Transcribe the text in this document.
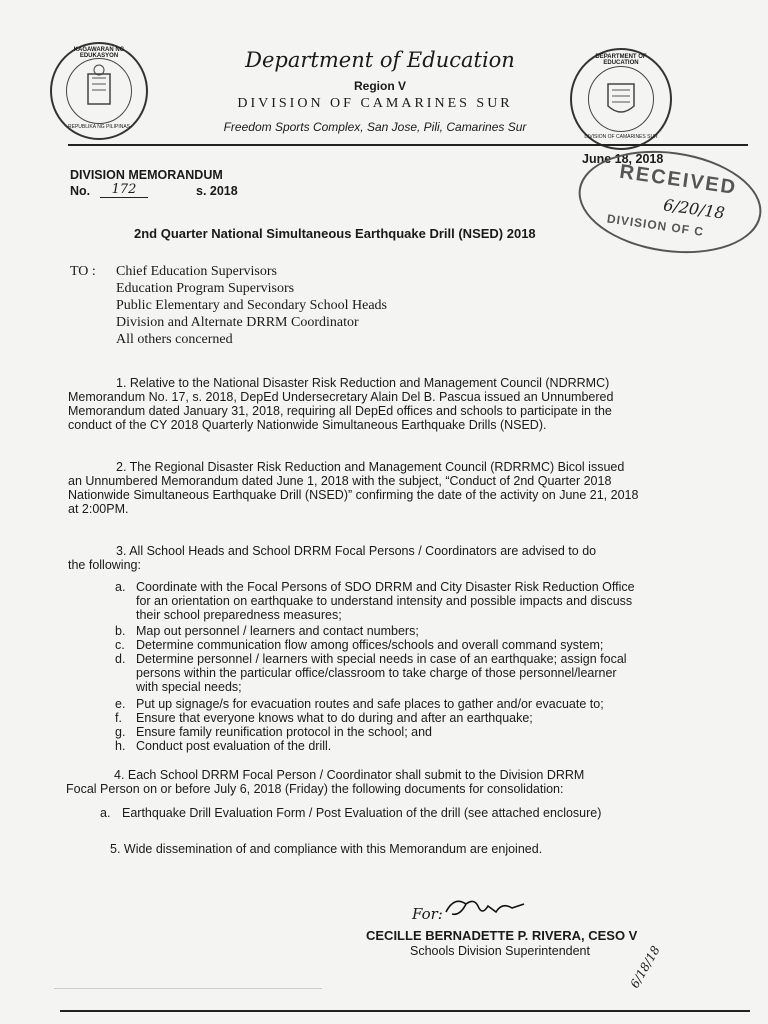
KAGAWARAN NG EDUKASYON
REPUBLIKA NG PILIPINAS
DEPARTMENT OF EDUCATION
DIVISION OF CAMARINES SUR
Department of Education
Region V
DIVISION OF CAMARINES SUR
Freedom Sports Complex, San Jose, Pili, Camarines Sur
June 18, 2018
DIVISION MEMORANDUM
No.	172	s. 2018	RECEIVED
6/20/18
DIVISION OF C
2nd Quarter National Simultaneous Earthquake Drill (NSED) 2018
TO : Chief Education Supervisors
Education Program Supervisors
Public Elementary and Secondary School Heads
Division and Alternate DRRM Coordinator
All others concerned
1. Relative to the National Disaster Risk Reduction and Management Council (NDRRMC)
Memorandum No. 17, s. 2018, DepEd Undersecretary Alain Del B. Pascua issued an Unnumbered
Memorandum dated January 31, 2018, requiring all DepEd offices and schools to participate in the
conduct of the CY 2018 Quarterly Nationwide Simultaneous Earthquake Drills (NSED).
2. The Regional Disaster Risk Reduction and Management Council (RDRRMC) Bicol issued
an Unnumbered Memorandum dated June 1, 2018 with the subject, “Conduct of 2nd Quarter 2018
Nationwide Simultaneous Earthquake Drill (NSED)” confirming the date of the activity on June 21, 2018
at 2:00PM.
3. All School Heads and School DRRM Focal Persons / Coordinators are advised to do
the following:
a. Coordinate with the Focal Persons of SDO DRRM and City Disaster Risk Reduction Office
for an orientation on earthquake to understand intensity and possible impacts and discuss
their school preparedness measures;
b. Map out personnel / learners and contact numbers;
c. Determine communication flow among offices/schools and overall command system;
d. Determine personnel / learners with special needs in case of an earthquake; assign focal
persons within the particular office/classroom to take charge of those personnel/learner
with special needs;
e. Put up signage/s for evacuation routes and safe places to gather and/or evacuate to;
f. Ensure that everyone knows what to do during and after an earthquake;
g. Ensure family reunification protocol in the school; and
h. Conduct post evaluation of the drill.
4. Each School DRRM Focal Person / Coordinator shall submit to the Division DRRM
Focal Person on or before July 6, 2018 (Friday) the following documents for consolidation:
a. Earthquake Drill Evaluation Form / Post Evaluation of the drill (see attached enclosure)
5. Wide dissemination of and compliance with this Memorandum are enjoined.
For:
CECILLE BERNADETTE P. RIVERA, CESO V
Schools Division Superintendent	6/18/18
